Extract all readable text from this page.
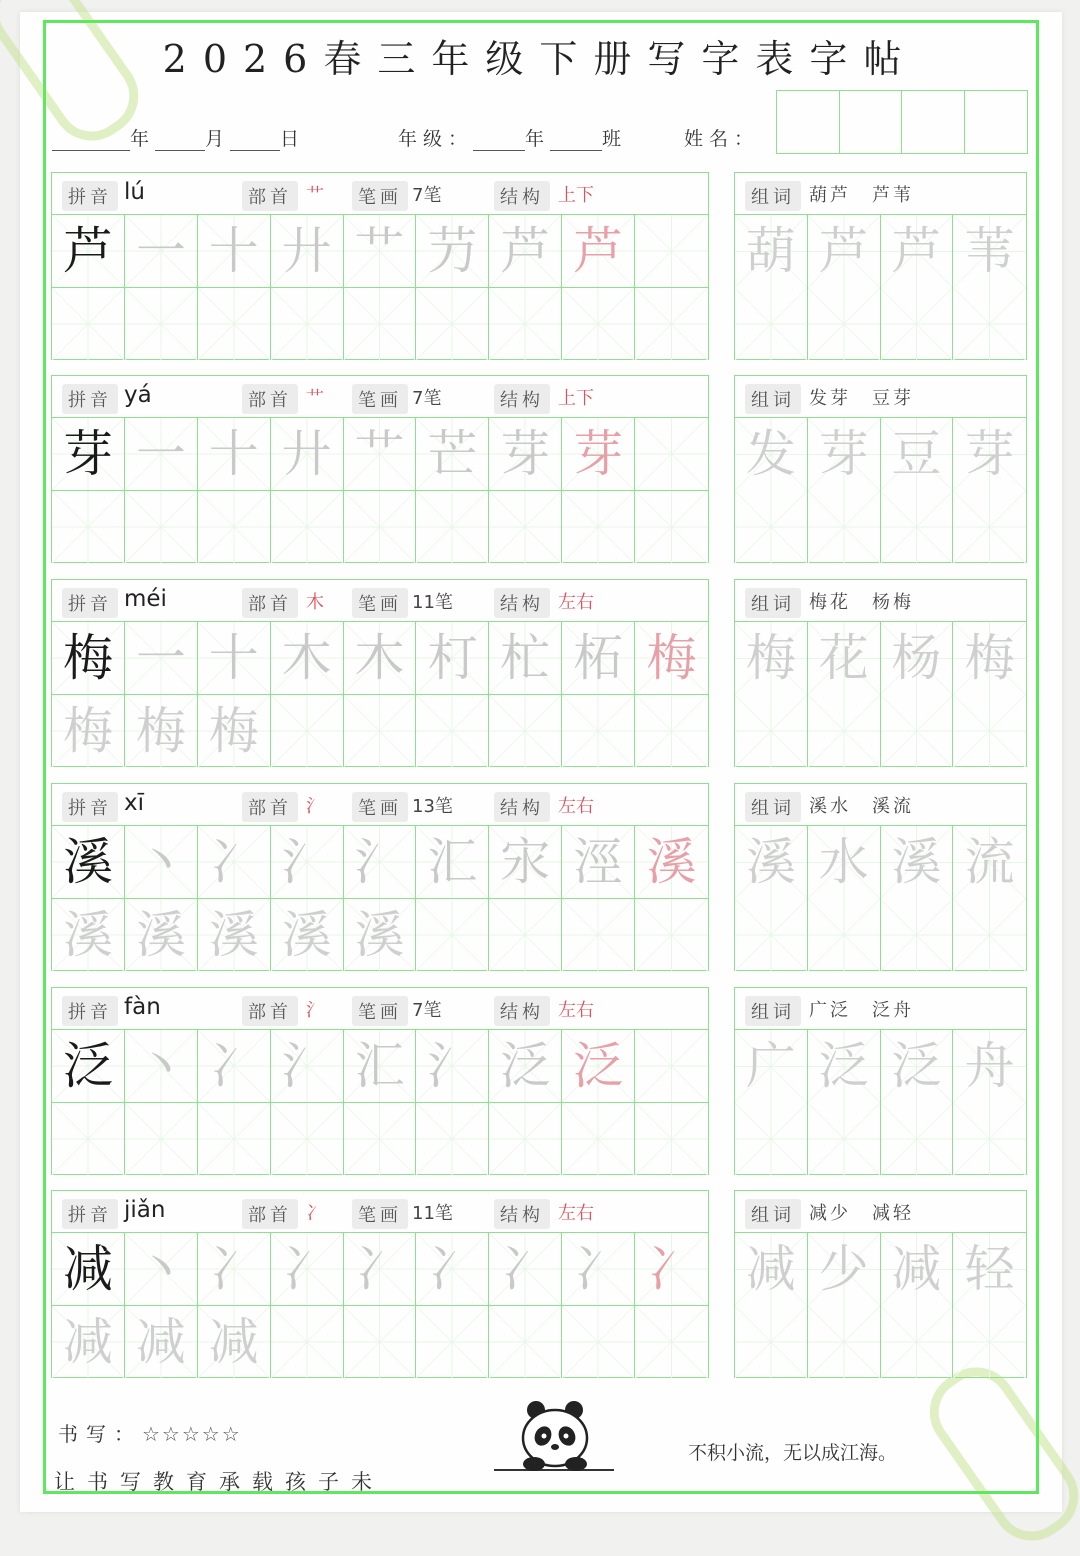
2026春三年级下册写字表字帖
年	月	日	年级：	年	班	姓名：
拼音 lú	部首 艹	笔画 7笔	结构 上下
芦 一 十 廾 艹 芀 芦 芦
组词 葫芦　芦苇
葫 芦 芦 苇
拼音 yá	部首 艹	笔画 7笔	结构 上下
芽 一 十 廾 艹 芒 芽 芽
组词 发芽　豆芽
发 芽 豆 芽
拼音 méi	部首 木	笔画 11笔	结构 左右
梅 一 十 木 木 朾 杧 柘 梅
梅 梅 梅
组词 梅花　杨梅
梅 花 杨 梅
拼音 xī	部首 氵	笔画 13笔	结构 左右
溪 丶 冫 氵 氵 汇 㲾 涇 溪
溪 溪 溪 溪 溪
组词 溪水　溪流
溪 水 溪 流
拼音 fàn	部首 氵	笔画 7笔	结构 左右
泛 丶 冫 氵 汇 氵 泛 泛
组词 广泛　泛舟
广 泛 泛 舟
拼音 jiǎn	部首 冫	笔画 11笔	结构 左右
减 丶 冫 冫 冫 冫 冫 冫 冫
减 减 减
组词 减少　减轻
减 少 减 轻
书写：☆☆☆☆☆
让书写教育承载孩子未
不积小流，无以成江海。
